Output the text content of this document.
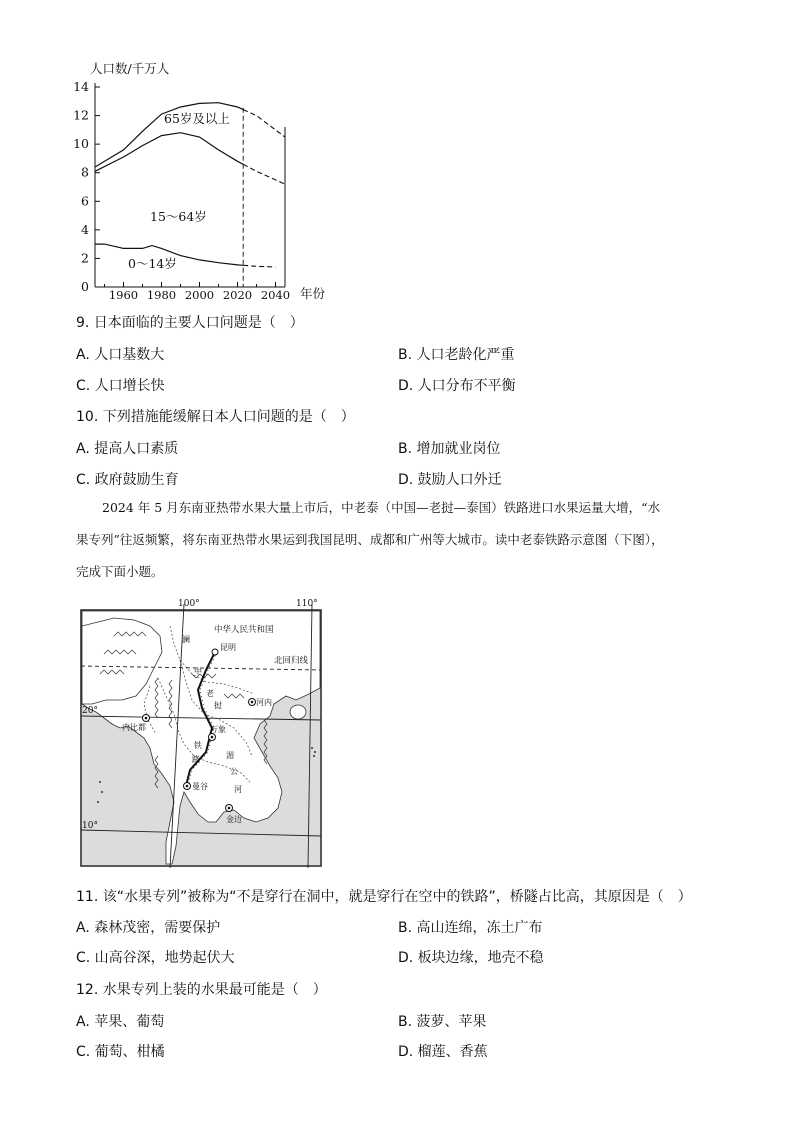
人口数/千万人
年份
0
2
4
6
8
10
12
14
1960 1980 2000 2020 2040
65岁及以上
15～64岁
0～14岁
9. 日本面临的主要人口问题是（　）
A. 人口基数大	B. 人口老龄化严重
C. 人口增长快	D. 人口分布不平衡
10. 下列措施能缓解日本人口问题的是（　）
A. 提高人口素质	B. 增加就业岗位
C. 政府鼓励生育	D. 鼓励人口外迁
2024 年 5 月东南亚热带水果大量上市后，中老泰（中国—老挝—泰国）铁路进口水果运量大增，“水
果专列”往返频繁，将东南亚热带水果运到我国昆明、成都和广州等大城市。读中老泰铁路示意图（下图），
完成下面小题。
100°	110°
20°
10°
中华人民共和国
北回归线
昆明
河内
内比都	万象
曼谷
金边
澜
老
挝
中
铁
路	湄
公
河
11. 该“水果专列”被称为“不是穿行在洞中，就是穿行在空中的铁路”，桥隧占比高，其原因是（　）
A. 森林茂密，需要保护	B. 高山连绵，冻土广布
C. 山高谷深，地势起伏大	D. 板块边缘，地壳不稳
12. 水果专列上装的水果最可能是（　）
A. 苹果、葡萄	B. 菠萝、苹果
C. 葡萄、柑橘	D. 榴莲、香蕉
